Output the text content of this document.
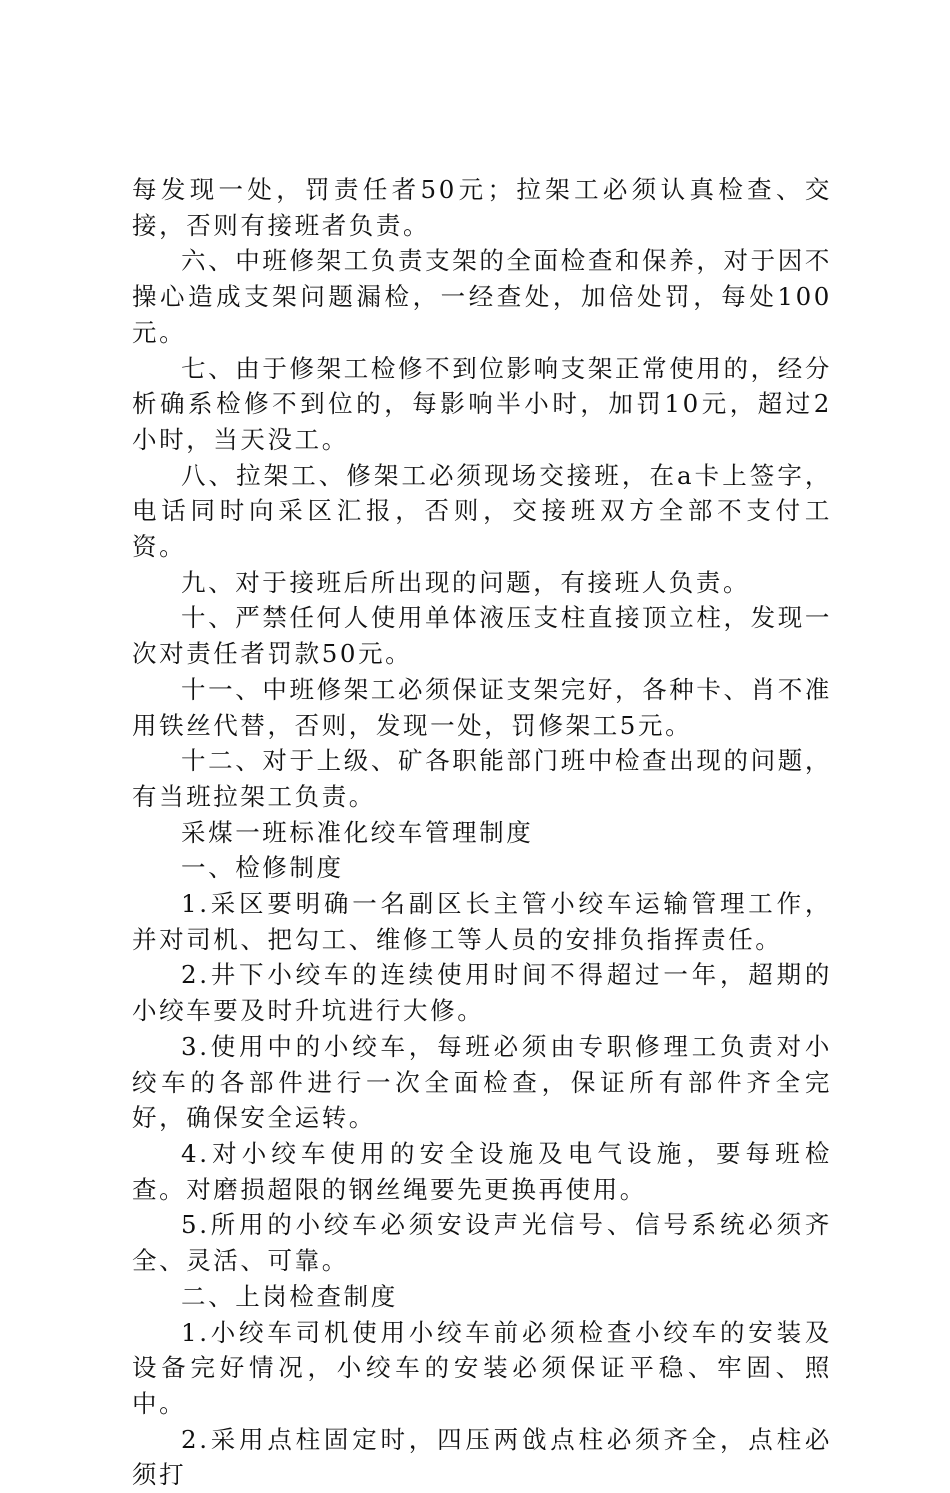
每发现一处，罚责任者50元；拉架工必须认真检查、交接，否则有接班者负责。

六、中班修架工负责支架的全面检查和保养，对于因不操心造成支架问题漏检，一经查处，加倍处罚，每处100元。

七、由于修架工检修不到位影响支架正常使用的，经分析确系检修不到位的，每影响半小时，加罚10元，超过2小时，当天没工。

八、拉架工、修架工必须现场交接班，在a卡上签字，电话同时向采区汇报，否则，交接班双方全部不支付工资。

九、对于接班后所出现的问题，有接班人负责。

十、严禁任何人使用单体液压支柱直接顶立柱，发现一次对责任者罚款50元。

十一、中班修架工必须保证支架完好，各种卡、肖不准用铁丝代替，否则，发现一处，罚修架工5元。

十二、对于上级、矿各职能部门班中检查出现的问题，有当班拉架工负责。

采煤一班标准化绞车管理制度

一、检修制度

1.采区要明确一名副区长主管小绞车运输管理工作，并对司机、把勾工、维修工等人员的安排负指挥责任。

2.井下小绞车的连续使用时间不得超过一年，超期的小绞车要及时升坑进行大修。

3.使用中的小绞车，每班必须由专职修理工负责对小绞车的各部件进行一次全面检查，保证所有部件齐全完好，确保安全运转。

4.对小绞车使用的安全设施及电气设施，要每班检查。对磨损超限的钢丝绳要先更换再使用。

5.所用的小绞车必须安设声光信号、信号系统必须齐全、灵活、可靠。

二、上岗检查制度

1.小绞车司机使用小绞车前必须检查小绞车的安装及设备完好情况，小绞车的安装必须保证平稳、牢固、照中。

2.采用点柱固定时，四压两戗点柱必须齐全，点柱必须打
